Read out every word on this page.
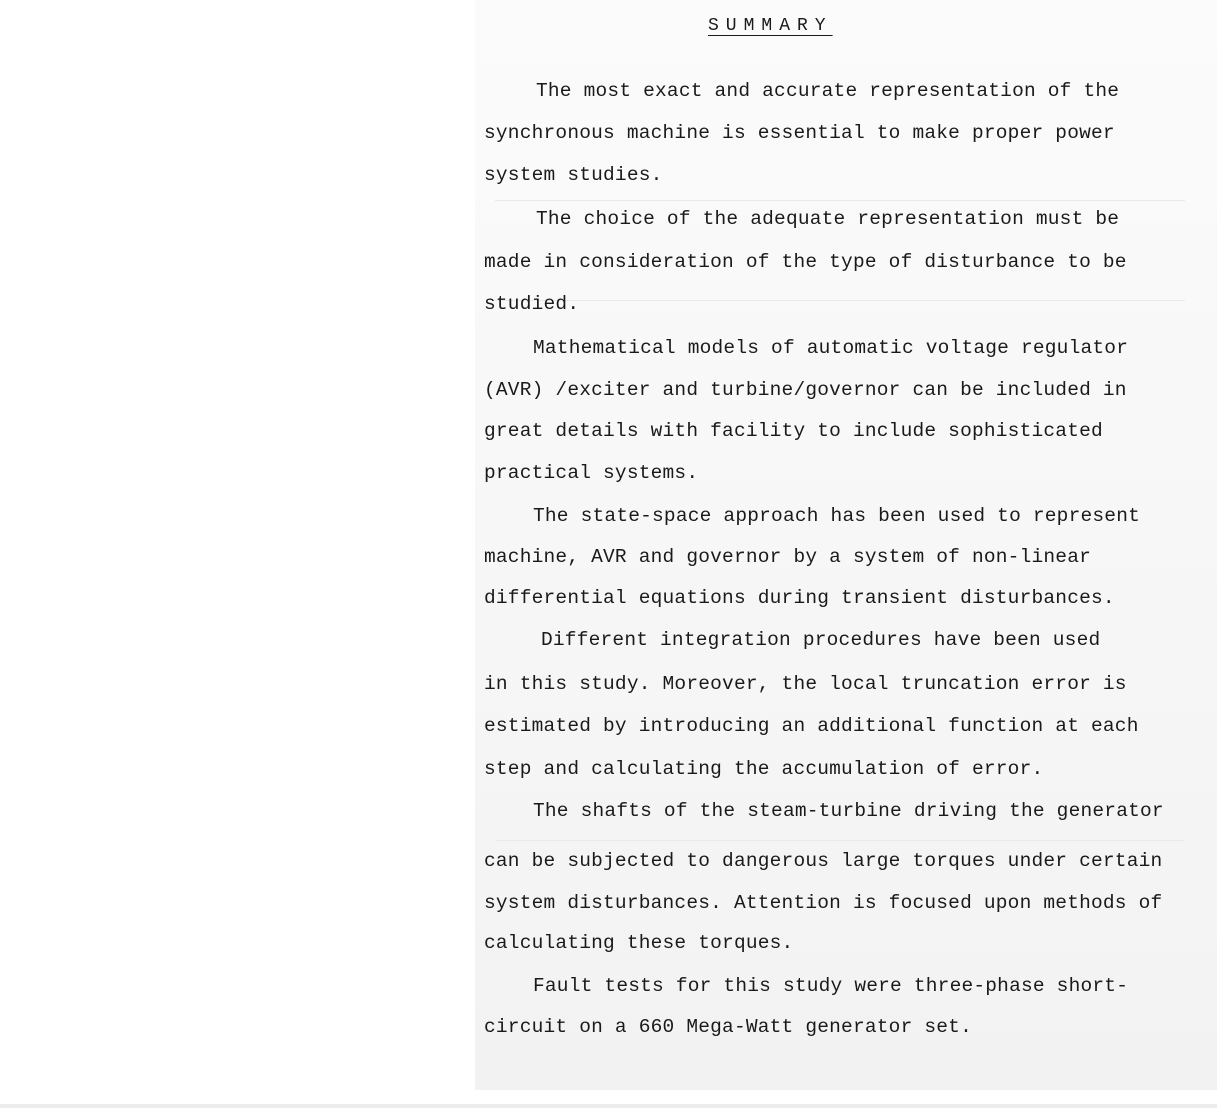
SUMMARY
The most exact and accurate representation of the
synchronous machine is essential to make proper power
system studies.
The choice of the adequate representation must be
made in consideration of the type of disturbance to be
studied.
Mathematical models of automatic voltage regulator
(AVR) /exciter and turbine/governor can be included in
great details with facility to include sophisticated
practical systems.
The state-space approach has been used to represent
machine, AVR and governor by a system of non-linear
differential equations during transient disturbances.
Different integration procedures have been used
in this study. Moreover, the local truncation error is
estimated by introducing an additional function at each
step and calculating the accumulation of error.
The shafts of the steam-turbine driving the generator
can be subjected to dangerous large torques under certain
system disturbances. Attention is focused upon methods of
calculating these torques.
Fault tests for this study were three-phase short-
circuit on a 660 Mega-Watt generator set.
